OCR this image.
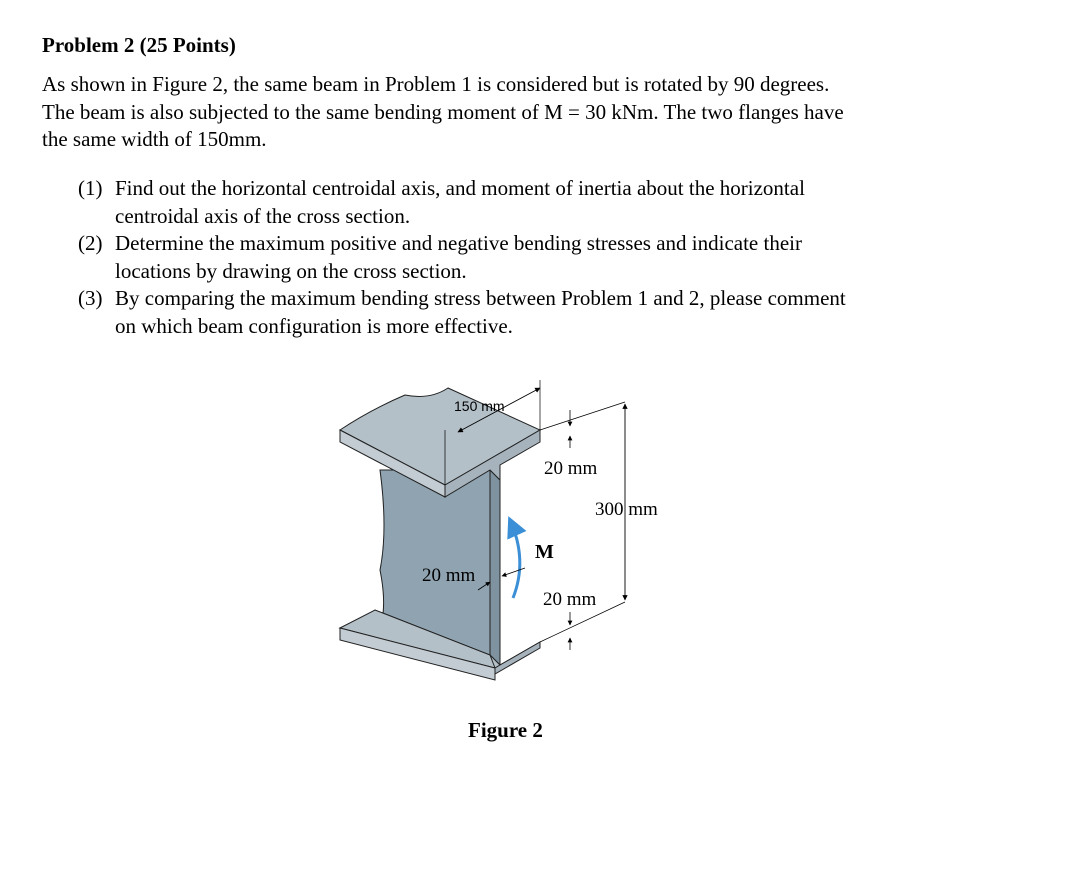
Problem 2 (25 Points)
As shown in Figure 2, the same beam in Problem 1 is considered but is rotated by 90 degrees.
The beam is also subjected to the same bending moment of M = 30 kNm. The two flanges have
the same width of 150mm.
(1) Find out the horizontal centroidal axis, and moment of inertia about the horizontal
centroidal axis of the cross section.
(2) Determine the maximum positive and negative bending stresses and indicate their
locations by drawing on the cross section.
(3) By comparing the maximum bending stress between Problem 1 and 2, please comment
on which beam configuration is more effective.
150 mm
300 mm
20 mm
M
20 mm
20 mm
Figure 2
